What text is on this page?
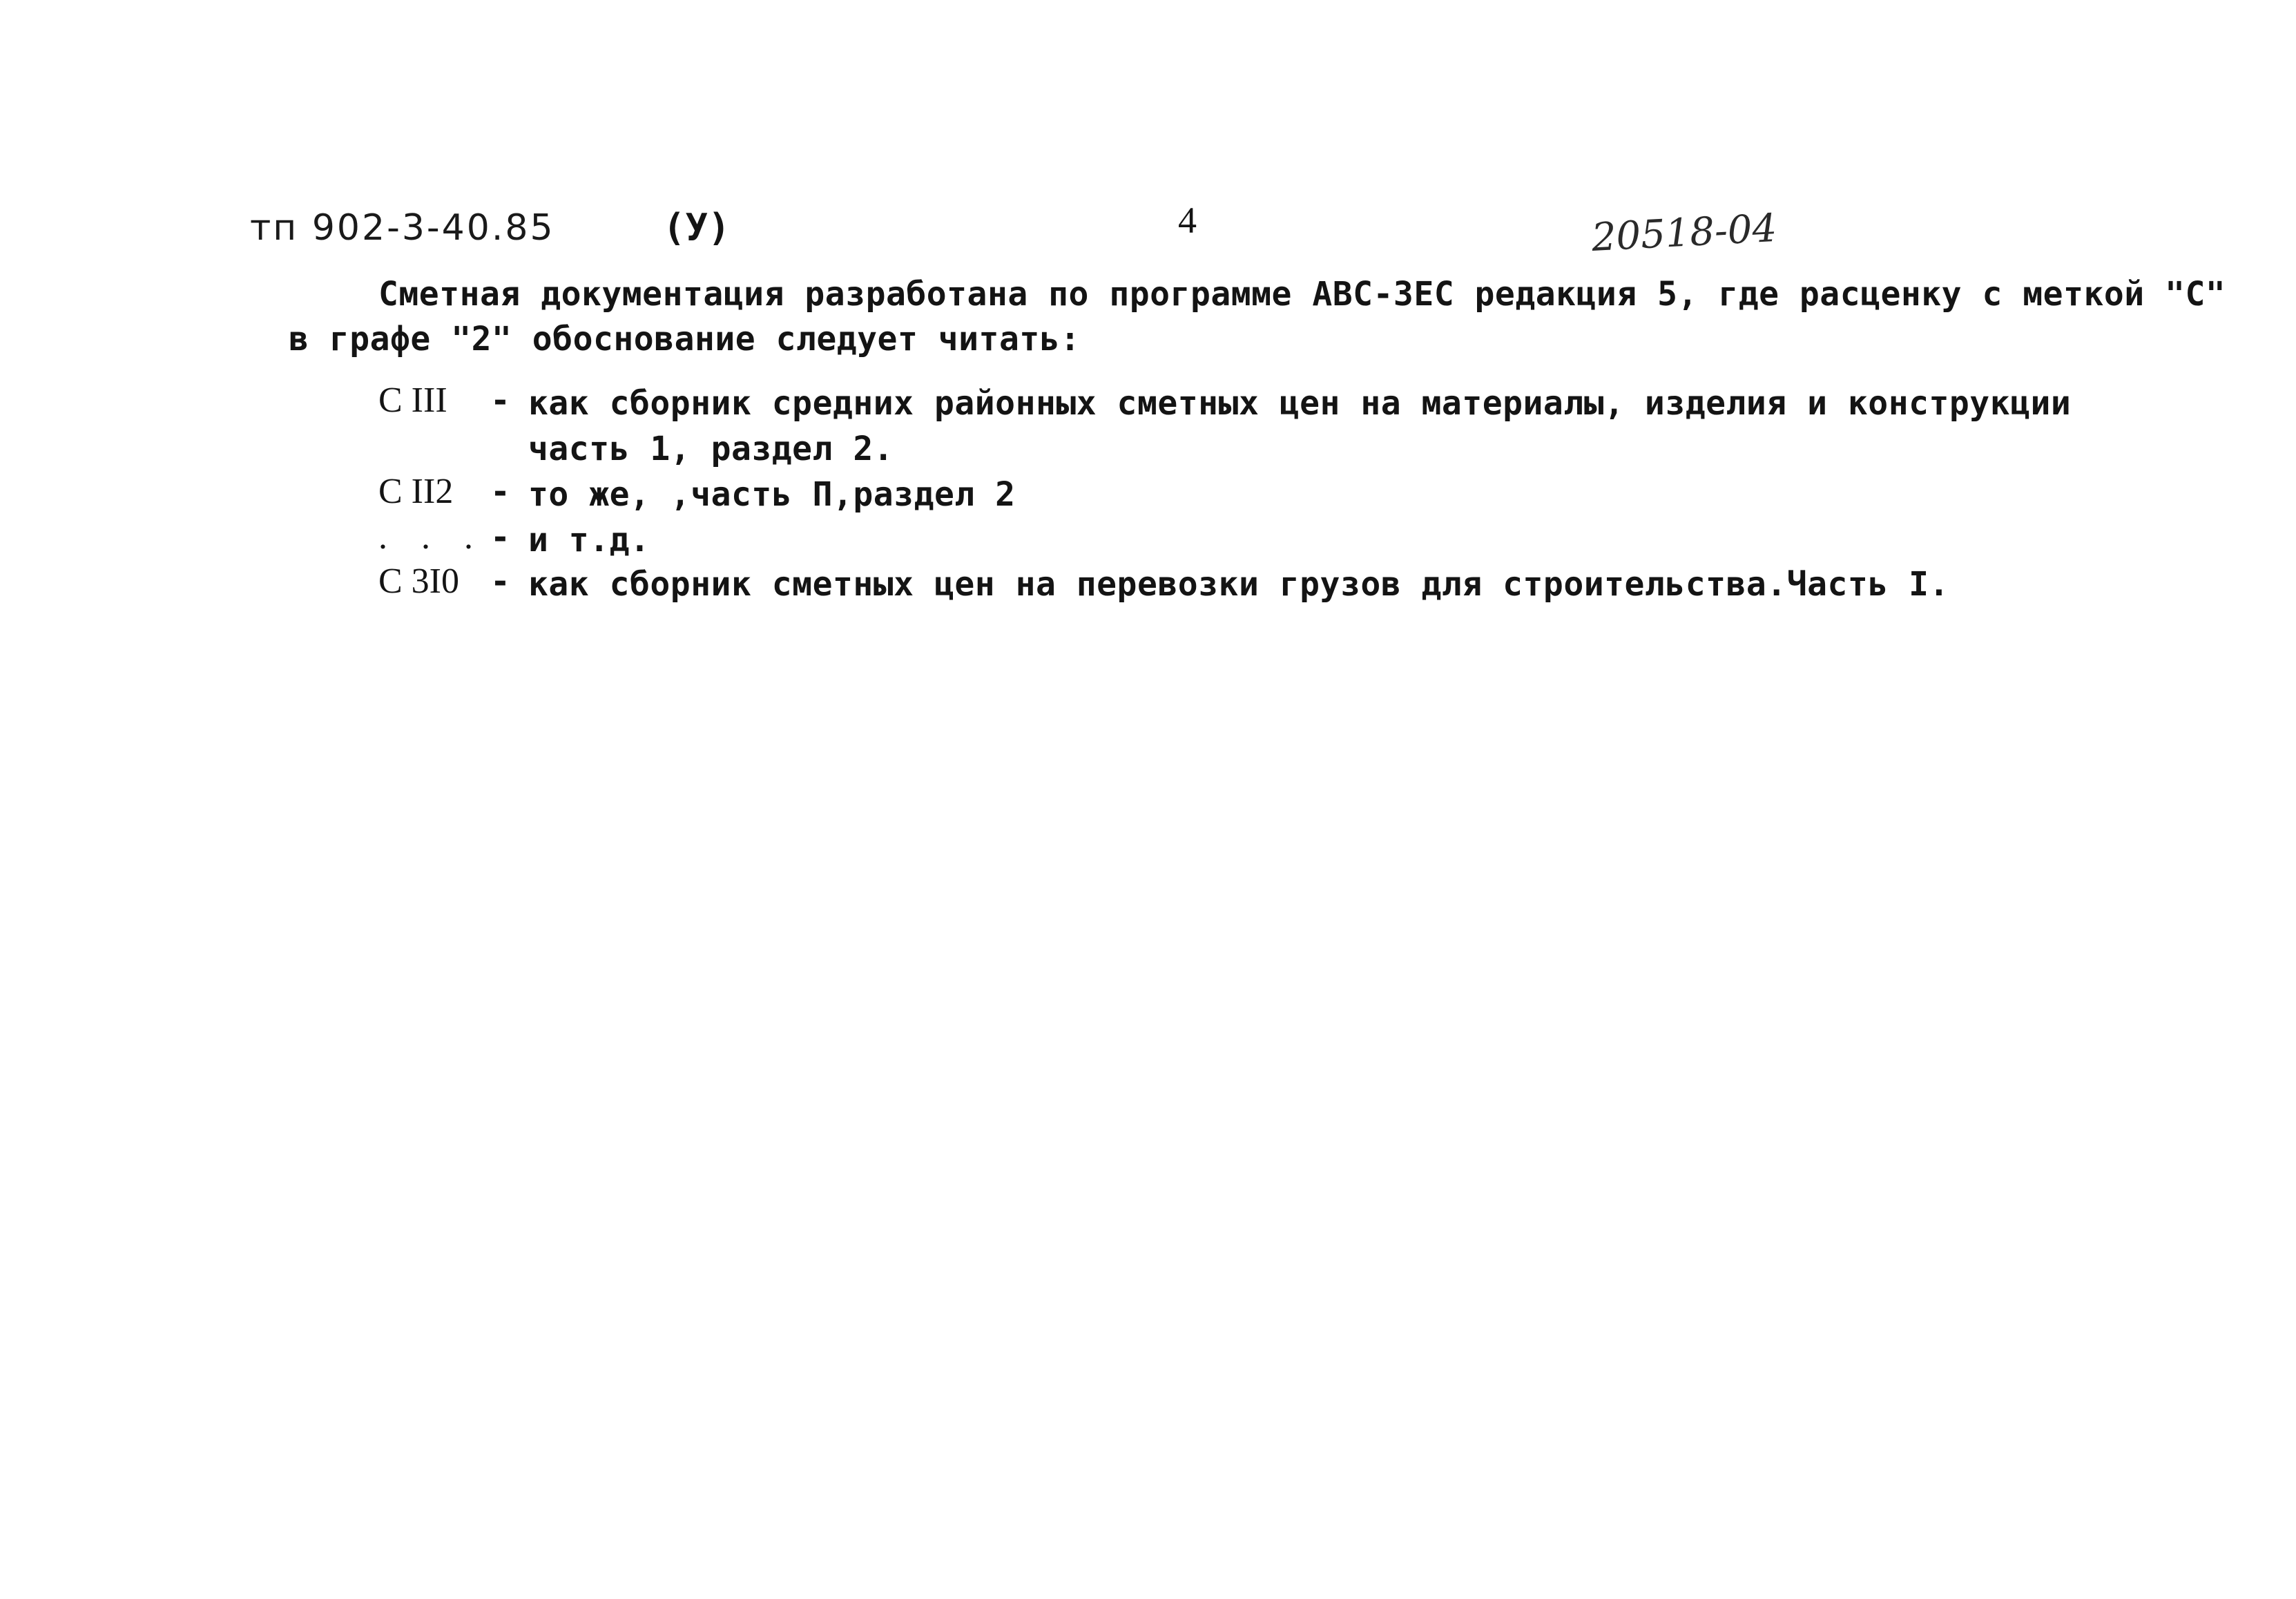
тп 902-3-40.85	(У)	4	20518-04
Сметная документация разработана по программе АВС-3ЕС редакция 5, где расценку с меткой "С"
в графе "2" обоснование следует читать:
С III - как сборник средних районных сметных цен на материалы, изделия и конструкции
часть 1, раздел 2.
С II2 - то же, ,часть П,раздел 2
. . . - и т.д.
С 3I0 - как сборник сметных цен на перевозки грузов для строительства.Часть I.
